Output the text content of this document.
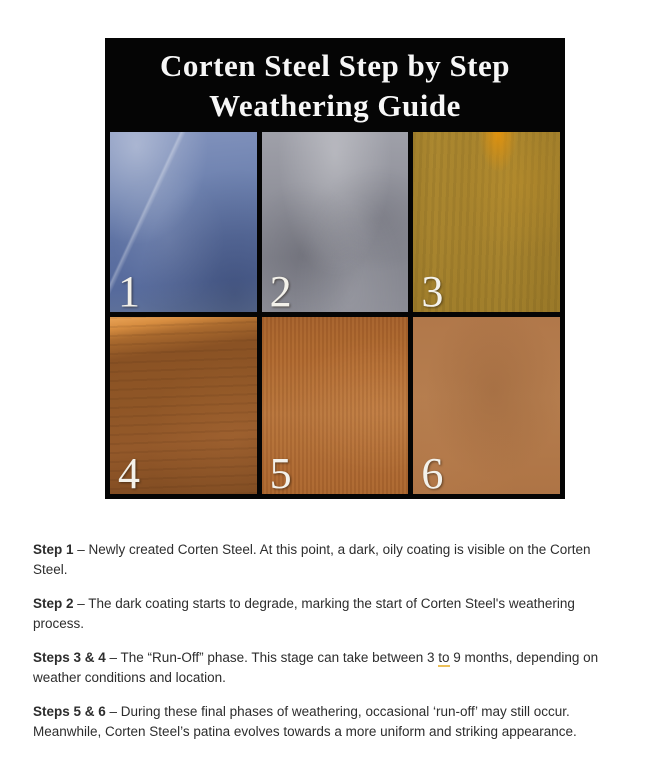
Corten Steel Step by Step
Weathering Guide
1	2	3
4	5	6

Step 1 – Newly created Corten Steel. At this point, a dark, oily coating is visible on the Corten Steel.

Step 2 – The dark coating starts to degrade, marking the start of Corten Steel's weathering process.

Steps 3 & 4 – The “Run-Off” phase. This stage can take between 3 to 9 months, depending on weather conditions and location.

Steps 5 & 6 – During these final phases of weathering, occasional ‘run-off’ may still occur. Meanwhile, Corten Steel’s patina evolves towards a more uniform and striking appearance.
